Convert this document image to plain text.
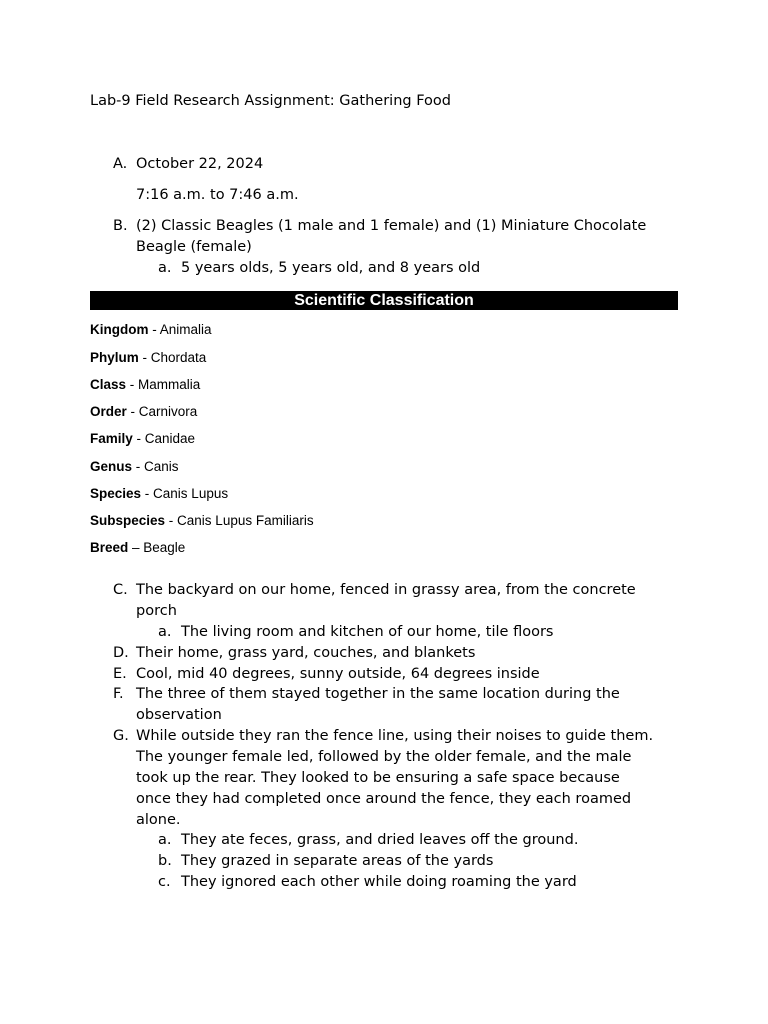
Lab-9 Field Research Assignment: Gathering Food
A. October 22, 2024
7:16 a.m. to 7:46 a.m.
B. (2) Classic Beagles (1 male and 1 female) and (1) Miniature Chocolate
Beagle (female)
a. 5 years olds, 5 years old, and 8 years old
Scientific Classification
Kingdom - Animalia
Phylum - Chordata
Class - Mammalia
Order - Carnivora
Family - Canidae
Genus - Canis
Species - Canis Lupus
Subspecies - Canis Lupus Familiaris
Breed – Beagle
C. The backyard on our home, fenced in grassy area, from the concrete
porch
a. The living room and kitchen of our home, tile floors
D. Their home, grass yard, couches, and blankets
E. Cool, mid 40 degrees, sunny outside, 64 degrees inside
F. The three of them stayed together in the same location during the
observation
G. While outside they ran the fence line, using their noises to guide them.
The younger female led, followed by the older female, and the male
took up the rear. They looked to be ensuring a safe space because
once they had completed once around the fence, they each roamed
alone.
a. They ate feces, grass, and dried leaves off the ground.
b. They grazed in separate areas of the yards
c. They ignored each other while doing roaming the yard
